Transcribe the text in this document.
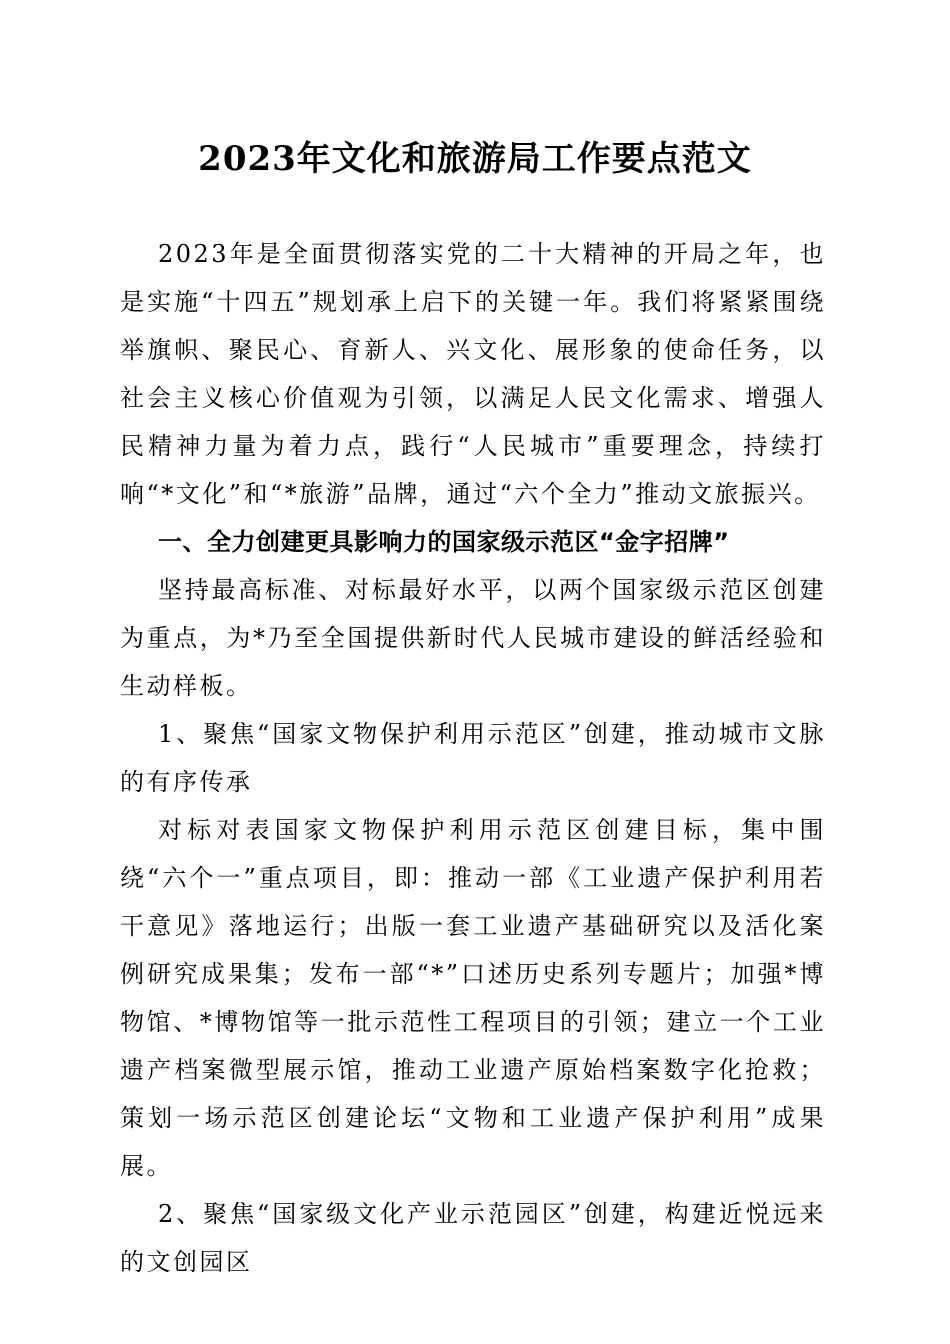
2023年文化和旅游局工作要点范文

2023年是全面贯彻落实党的二十大精神的开局之年，也是实施“十四五”规划承上启下的关键一年。我们将紧紧围绕举旗帜、聚民心、育新人、兴文化、展形象的使命任务，以社会主义核心价值观为引领，以满足人民文化需求、增强人民精神力量为着力点，践行“人民城市”重要理念，持续打响“*文化”和“*旅游”品牌，通过“六个全力”推动文旅振兴。

一、全力创建更具影响力的国家级示范区“金字招牌”

坚持最高标准、对标最好水平，以两个国家级示范区创建为重点，为*乃至全国提供新时代人民城市建设的鲜活经验和生动样板。

1、聚焦“国家文物保护利用示范区”创建，推动城市文脉的有序传承

对标对表国家文物保护利用示范区创建目标，集中围绕“六个一”重点项目，即：推动一部《工业遗产保护利用若干意见》落地运行；出版一套工业遗产基础研究以及活化案例研究成果集；发布一部“*”口述历史系列专题片；加强*博物馆、*博物馆等一批示范性工程项目的引领；建立一个工业遗产档案微型展示馆，推动工业遗产原始档案数字化抢救；策划一场示范区创建论坛“文物和工业遗产保护利用”成果展。

2、聚焦“国家级文化产业示范园区”创建，构建近悦远来的文创园区
